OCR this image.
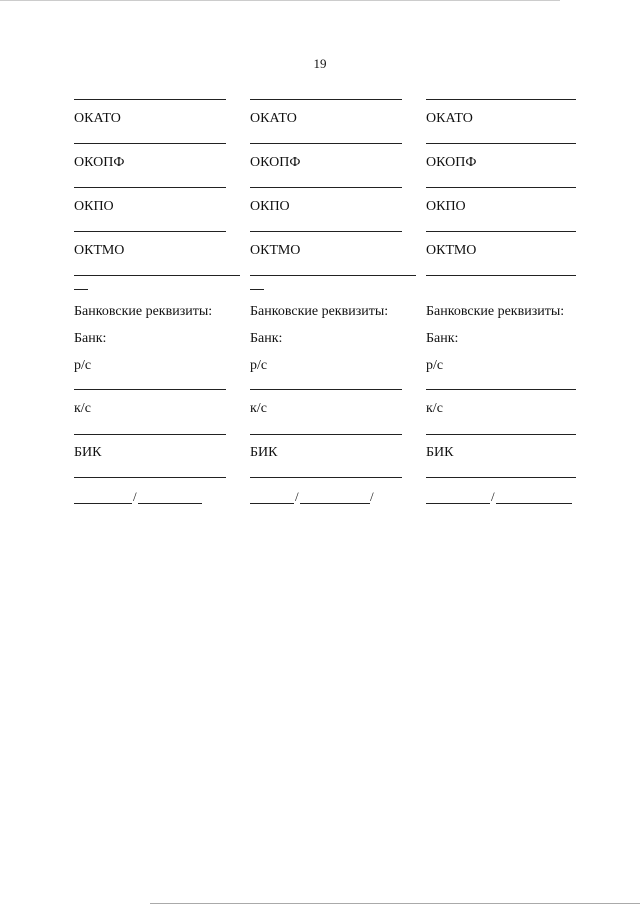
19
ОКАТО
ОКОПФ
ОКПО
ОКТМО
Банковские реквизиты:
Банк:
р/с
к/с
БИК
/
ОКАТО
ОКОПФ
ОКПО
ОКТМО
Банковские реквизиты:
Банк:
р/с
к/с
БИК
/	/
ОКАТО
ОКОПФ
ОКПО
ОКТМО
Банковские реквизиты:
Банк:
р/с
к/с
БИК
/
